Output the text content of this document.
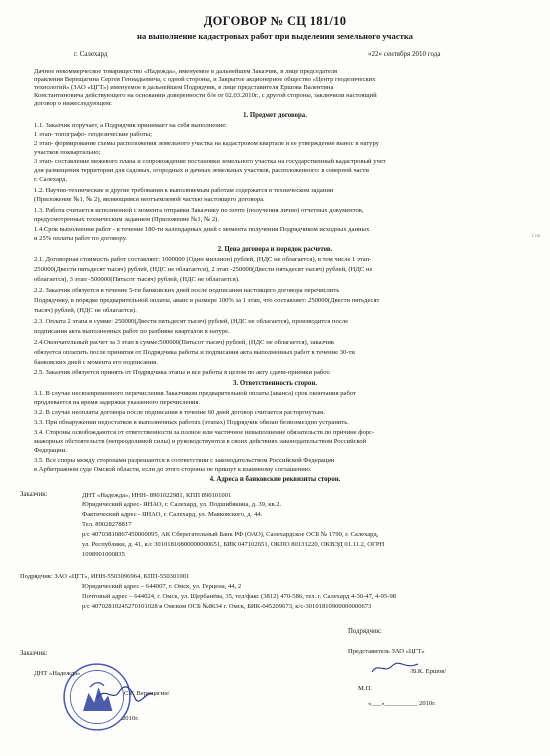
ДОГОВОР № СЦ 181/10
на выполнение кадастровых работ при выделении земельного участка
г. Салехард	«22» сентября 2010 года
Дачное некоммерческое товарищество «Надежда», именуемое в дальнейшем Заказчик, в лице председателя
правления Верещагина Сергея Геннадьевича, с одной стороны, и Закрытое акционерное общество «Центр геодезических
технологий» (ЗАО «ЦГТ») именуемое в дальнейшем Подрядчик, в лице представителя Ершова Валентина
Константиновича действующего на основании доверенности б/н от 02.03.2010г., с другой стороны, заключили настоящий
договор о нижеследующем:
1. Предмет договора.
1.1. Заказчик поручает, а Подрядчик принимает на себя выполнение:
1 этап- топографо- геодезические работы;
2 этап- формирование схемы расположения земельного участка на кадастровом квартале и ее утверждение вынос в натуру
участков поквартально;
3 этап- составление межевого плана и сопровождение постановки земельного участка на государственный кадастровый учет
для размещения территории для садовых, огородных и дачных земельных участков, расположенного: в северной части
г. Салехард.
1.2. Научно-технические и другие требования к выполняемым работам содержатся в техническом задании
(Приложение №1, № 2), являющимся неотъемлемой частью настоящего договора.
1.3. Работа считается исполненной с момента отправки Заказчику по почте (получения лично) отчетных документов,
предусмотренных техническим заданием (Приложение №1, № 2).
1.4.Срок выполнения работ - в течение 180-ти календарных дней с момента получения Подрядчиком исходных данных
и 25% оплаты работ по договору.
2. Цена договора и порядок расчетов.
2.1. Договорная стоимость работ составляет: 1000000 (Один миллион) рублей, (НДС не облагается), в том числе 1 этап-
250000(Двести пятьдесят тысяч) рублей, (НДС не облагается), 2 этап -250000(Двести пятьдесят тысяч) рублей, (НДС не
облагается), 3 этап -500000(Пятьсот тысяч) рублей, (НДС не облагается).
2.2. Заказчик обязуется в течение 5-ти банковских дней после подписания настоящего договора перечислить
Подрядчику, в порядке предварительной оплаты, аванс в размере 100% за 1 этап, что составляет: 250000(Двести пятьдесят
тысяч) рублей, (НДС не облагается).
2.3. Оплата 2 этапа в сумме: 250000(Двести пятьдесят тысяч) рублей, (НДС не облагается), производится после
подписания акта выполненных работ по разбивке кварталов в натуре.
2.4.Окончательный расчет за 3 этап в сумме:500000(Пятьсот тысяч) рублей, (НДС не облагается), заказчик
обязуется оплатить после принятия от Подрядчика работы и подписания акта выполненных работ в течение 30-ти
банковских дней с момента его подписания.
2.5. Заказчик обязуется принять от Подрядчика этапы и все работы в целом по акту сдачи-приемки работ.
3. Ответственность сторон.
3.1. В случае несвоевременного перечисления Заказчиком предварительной оплаты (аванса) срок окончания работ
продлевается на время задержки указанного перечисления.
3.2. В случае неоплаты договора после подписания в течение 60 дней договор считается расторгнутым.
3.3. При обнаружении недостатков в выполненных работах (этапах) Подрядчик обязан безвозмездно устранить.
3.4. Стороны освобождаются от ответственности за полное или частичное невыполнение обязательств по причине форс-
мажорных обстоятельств (непреодолимой силы) и руководствуются в своих действиях законодательством Российской
Федерации.
3.5. Все споры между сторонами разрешаются в соответствии с законодательством Российской Федерации
в Арбитражном суде Омской области, если до этого стороны не пришут к взаимному соглашению.
4. Адреса и банковские реквизиты сторон.
Заказчик:	ДНТ «Надежда», ИНН- 8901022981, КПП 890101001
Юридический адрес- ЯНАО, г. Салехард, ул. Подшибякина, д. 39, кв.2.
Фактический адрес - ЯНАО, г. Салехард, ул. Маяковского, д. 44.
Тел. 89028278817
р/с 40703810867450000095, АК Сберегательный Банк РФ (ОАО), Салехардское ОСБ № 1790, г. Салехард,
ул. Республики, д. 41, к/с 30101810800000000651, БИК 047102651, ОКПО 80131220, ОКВЭД 01.11.2, ОГРН
1098901000835
Подрядчик: ЗАО «ЦГТ», ИНН-5503096964, КПП-550301001
Юридический адрес – 644007, г. Омск, ул. Герцена, 44, 2
Почтовый адрес – 644024, г. Омск, ул. Щербанёва, 35, тел/факс (3812) 470-586, тел. г. Салехард 4-30-47, 4-95-98
р/с 40702810245270101028 в Омском ОСБ №8634 г. Омск, БИК-045209673, к/с-30101810900000000673
Заказчик:
ДНТ «Надежда»
С.Г. Верещагин/
2010г.
Подрядчик:
Представитель ЗАО «ЦГТ»
/В.К. Ершов/
М.П.
«___»__________ 2010г.
2 на
